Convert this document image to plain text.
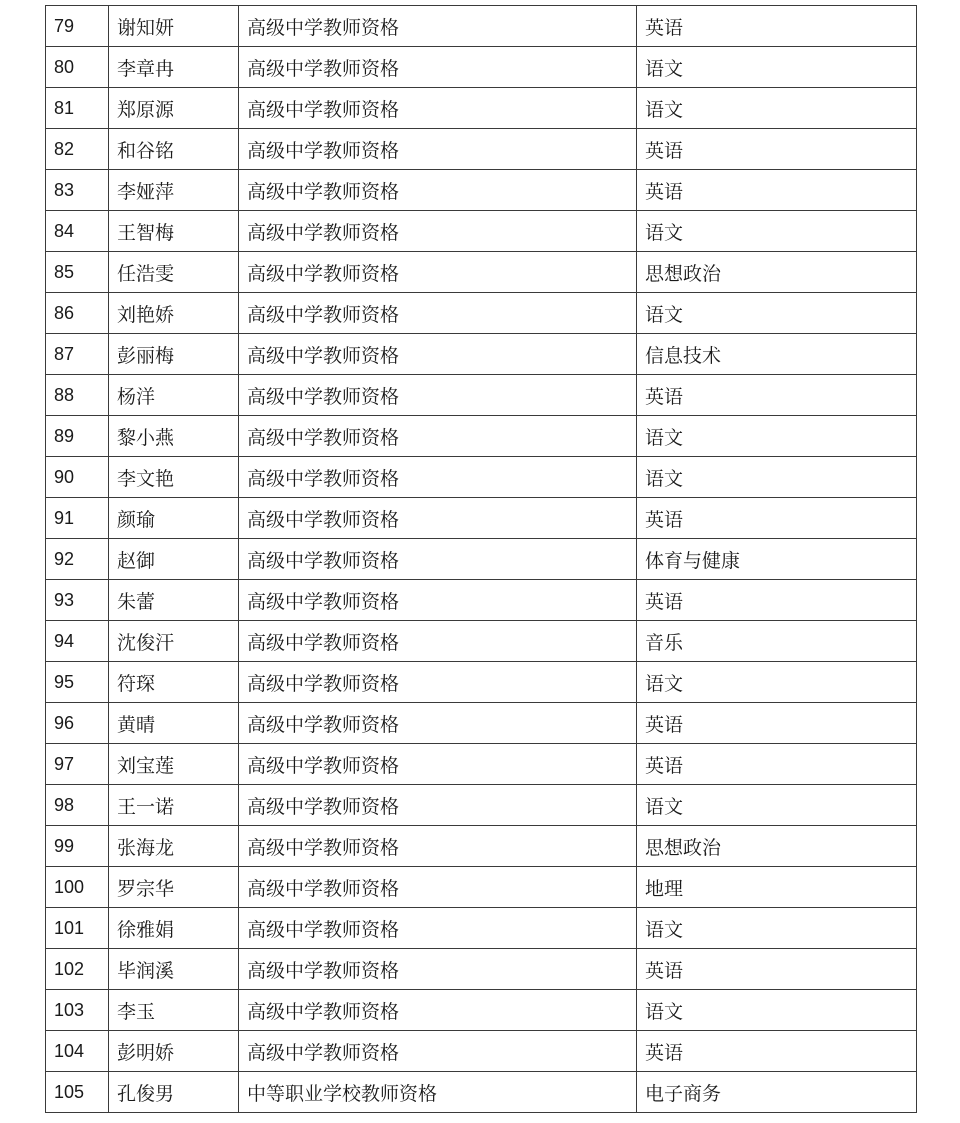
79	谢知妍	高级中学教师资格	英语
80	李章冉	高级中学教师资格	语文
81	郑原源	高级中学教师资格	语文
82	和谷铭	高级中学教师资格	英语
83	李娅萍	高级中学教师资格	英语
84	王智梅	高级中学教师资格	语文
85	任浩雯	高级中学教师资格	思想政治
86	刘艳娇	高级中学教师资格	语文
87	彭丽梅	高级中学教师资格	信息技术
88	杨洋	高级中学教师资格	英语
89	黎小燕	高级中学教师资格	语文
90	李文艳	高级中学教师资格	语文
91	颜瑜	高级中学教师资格	英语
92	赵御	高级中学教师资格	体育与健康
93	朱蕾	高级中学教师资格	英语
94	沈俊汗	高级中学教师资格	音乐
95	符琛	高级中学教师资格	语文
96	黄晴	高级中学教师资格	英语
97	刘宝莲	高级中学教师资格	英语
98	王一诺	高级中学教师资格	语文
99	张海龙	高级中学教师资格	思想政治
100	罗宗华	高级中学教师资格	地理
101	徐雅娟	高级中学教师资格	语文
102	毕润溪	高级中学教师资格	英语
103	李玉	高级中学教师资格	语文
104	彭明娇	高级中学教师资格	英语
105	孔俊男	中等职业学校教师资格	电子商务
